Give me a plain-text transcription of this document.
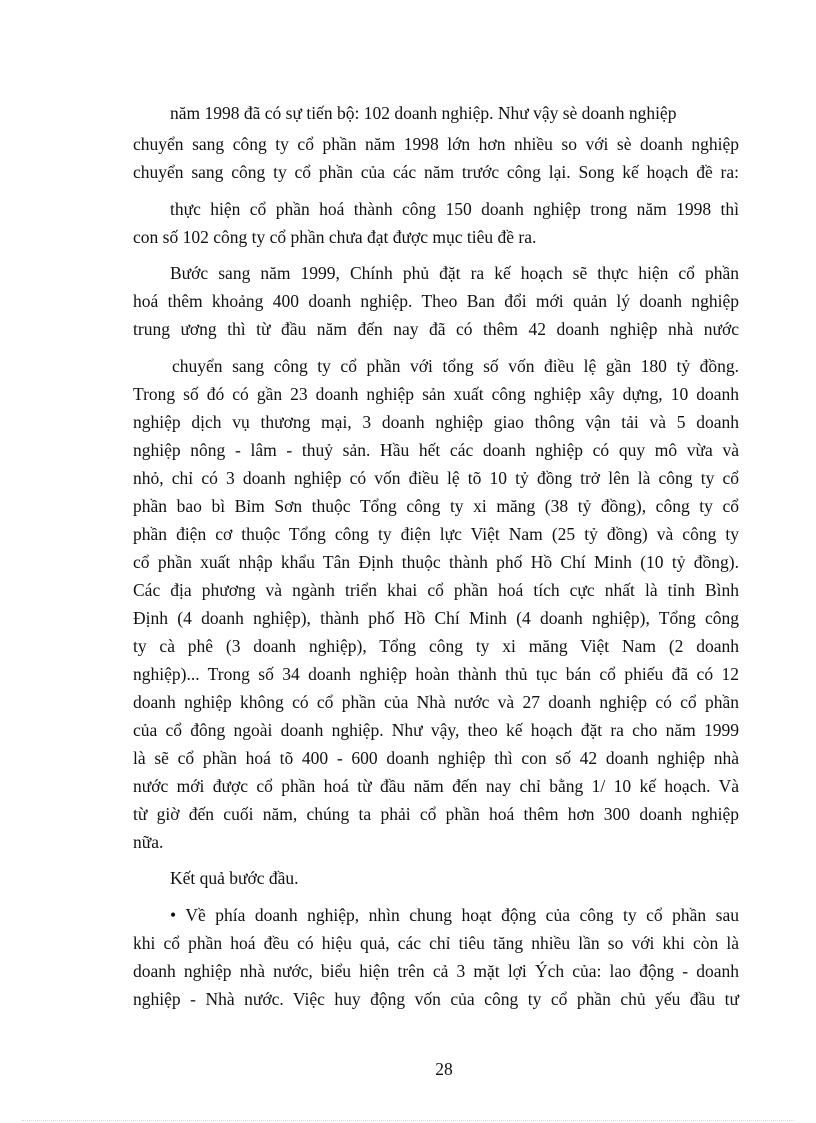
năm 1998 đã có sự tiến bộ: 102 doanh nghiệp. Như vậy sè doanh nghiệp
chuyển sang công ty cổ phần năm 1998 lớn hơn nhiều so với sè doanh nghiệp
chuyển sang công ty cổ phần của các năm trước công lại. Song kế hoạch đề ra:
thực hiện cổ phần hoá thành công 150 doanh nghiệp trong năm 1998 thì
con số 102 công ty cổ phần chưa đạt được mục tiêu đề ra.
Bước sang năm 1999, Chính phủ đặt ra kế hoạch sẽ thực hiện cổ phần
hoá thêm khoảng 400 doanh nghiệp. Theo Ban đổi mới quản lý doanh nghiệp
trung ương thì từ đầu năm đến nay đã có thêm 42 doanh nghiệp nhà nước
chuyển sang công ty cổ phần với tổng số vốn điều lệ gần 180 tỷ đồng.
Trong số đó có gần 23 doanh nghiệp sản xuất công nghiệp xây dựng, 10 doanh
nghiệp dịch vụ thương mại, 3 doanh nghiệp giao thông vận tải và 5 doanh
nghiệp nông - lâm - thuỷ sản. Hầu hết các doanh nghiệp có quy mô vừa và
nhỏ, chỉ có 3 doanh nghiệp có vốn điều lệ tõ 10 tỷ đồng trở lên là công ty cổ
phần bao bì Bỉm Sơn thuộc Tổng công ty xi măng (38 tỷ đồng), công ty cổ
phần điện cơ thuộc Tổng công ty điện lực Việt Nam (25 tỷ đồng) và công ty
cổ phần xuất nhập khẩu Tân Định thuộc thành phố Hồ Chí Minh (10 tỷ đồng).
Các địa phương và ngành triển khai cổ phần hoá tích cực nhất là tỉnh Bình
Định (4 doanh nghiệp), thành phố Hồ Chí Minh (4 doanh nghiệp), Tổng công
ty cà phê (3 doanh nghiệp), Tổng công ty xi măng Việt Nam (2 doanh
nghiệp)... Trong số 34 doanh nghiệp hoàn thành thủ tục bán cổ phiếu đã có 12
doanh nghiệp không có cổ phần của Nhà nước và 27 doanh nghiệp có cổ phần
của cổ đông ngoài doanh nghiệp. Như vậy, theo kế hoạch đặt ra cho năm 1999
là sẽ cổ phần hoá tõ 400 - 600 doanh nghiệp thì con số 42 doanh nghiệp nhà
nước mới được cổ phần hoá từ đầu năm đến nay chỉ bằng 1/ 10 kế hoạch. Và
từ giờ đến cuối năm, chúng ta phải cổ phần hoá thêm hơn 300 doanh nghiệp
nữa.
Kết quả bước đầu.
• Về phía doanh nghiệp, nhìn chung hoạt động của công ty cổ phần sau
khi cổ phần hoá đều có hiệu quả, các chỉ tiêu tăng nhiều lần so với khi còn là
doanh nghiệp nhà nước, biểu hiện trên cả 3 mặt lợi Ých của: lao động - doanh
nghiệp - Nhà nước. Việc huy động vốn của công ty cổ phần chủ yếu đầu tư
28
